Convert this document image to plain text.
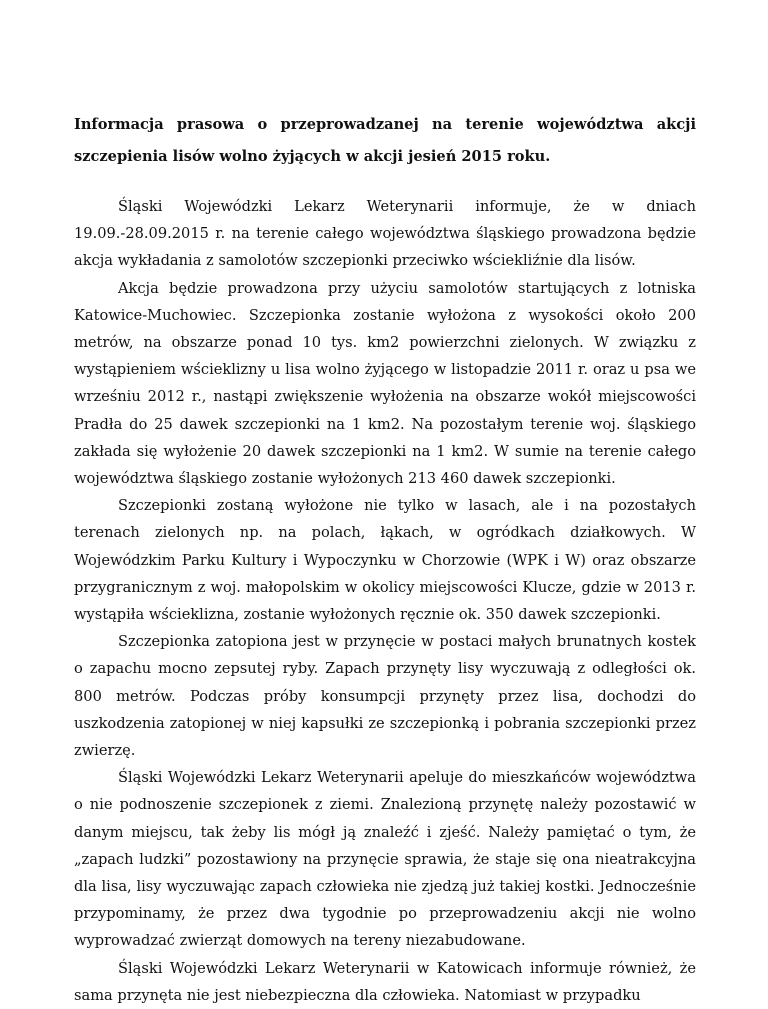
Informacja prasowa o przeprowadzanej na terenie województwa akcji szczepienia lisów wolno żyjących w akcji jesień 2015 roku.

Śląski Wojewódzki Lekarz Weterynarii informuje, że w dniach 19.09.-28.09.2015 r. na terenie całego województwa śląskiego prowadzona będzie akcja wykładania z samolotów szczepionki przeciwko wściekliźnie dla lisów.

Akcja będzie prowadzona przy użyciu samolotów startujących z lotniska Katowice-Muchowiec. Szczepionka zostanie wyłożona z wysokości około 200 metrów, na obszarze ponad 10 tys. km2 powierzchni zielonych. W związku z wystąpieniem wścieklizny u lisa wolno żyjącego w listopadzie 2011 r. oraz u psa we wrześniu 2012 r., nastąpi zwiększenie wyłożenia na obszarze wokół miejscowości Pradła do 25 dawek szczepionki na 1 km2. Na pozostałym terenie woj. śląskiego zakłada się wyłożenie 20 dawek szczepionki na 1 km2. W sumie na terenie całego województwa śląskiego zostanie wyłożonych 213 460 dawek szczepionki.

Szczepionki zostaną wyłożone nie tylko w lasach, ale i na pozostałych terenach zielonych np. na polach, łąkach, w ogródkach działkowych. W Wojewódzkim Parku Kultury i Wypoczynku w Chorzowie (WPK i W) oraz obszarze przygranicznym z woj. małopolskim w okolicy miejscowości Klucze, gdzie w 2013 r. wystąpiła wścieklizna, zostanie wyłożonych ręcznie ok. 350 dawek szczepionki.

Szczepionka zatopiona jest w przynęcie w postaci małych brunatnych kostek o zapachu mocno zepsutej ryby. Zapach przynęty lisy wyczuwają z odległości ok. 800 metrów. Podczas próby konsumpcji przynęty przez lisa, dochodzi do uszkodzenia zatopionej w niej kapsułki ze szczepionką i pobrania szczepionki przez zwierzę.

Śląski Wojewódzki Lekarz Weterynarii apeluje do mieszkańców województwa o nie podnoszenie szczepionek z ziemi. Znalezioną przynętę należy pozostawić w danym miejscu, tak żeby lis mógł ją znaleźć i zjeść. Należy pamiętać o tym, że „zapach ludzki” pozostawiony na przynęcie sprawia, że staje się ona nieatrakcyjna dla lisa, lisy wyczuwając zapach człowieka nie zjedzą już takiej kostki. Jednocześnie przypominamy, że przez dwa tygodnie po przeprowadzeniu akcji nie wolno wyprowadzać zwierząt domowych na tereny niezabudowane.

Śląski Wojewódzki Lekarz Weterynarii w Katowicach informuje również, że sama przynęta nie jest niebezpieczna dla człowieka. Natomiast w przypadku
